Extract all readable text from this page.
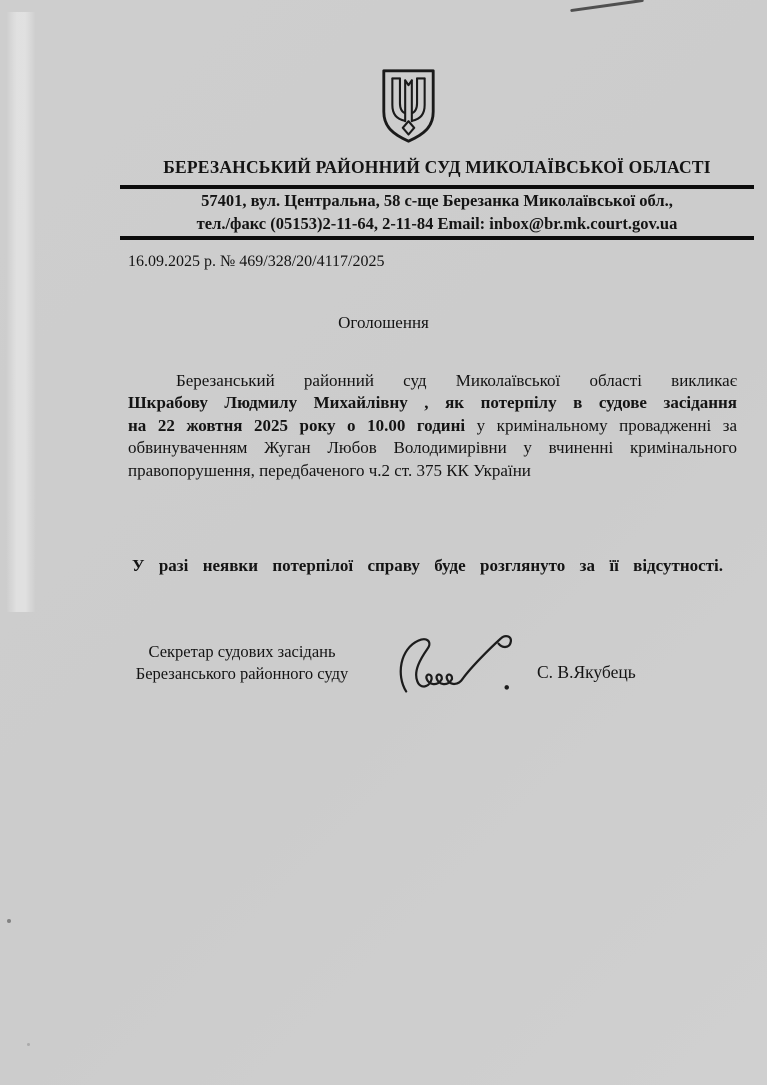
БЕРЕЗАНСЬКИЙ РАЙОННИЙ СУД МИКОЛАЇВСЬКОЇ ОБЛАСТІ
57401, вул. Центральна, 58 с-ще Березанка Миколаївської обл.,
тел./факс (05153)2-11-64, 2-11-84 Email: inbox@br.mk.court.gov.ua
16.09.2025 р. № 469/328/20/4117/2025
Оголошення
Березанський районний суд Миколаївської області викликає
Шкрабову Людмилу Михайлівну , як потерпілу в судове засідання
на 22 жовтня 2025 року о 10.00 годині у кримінальному провадженні за
обвинуваченням Жуган Любов Володимирівни у вчиненні кримінального
правопорушення, передбаченого ч.2 ст. 375 КК України
У разі неявки потерпілої справу буде розглянуто за її відсутності.
Секретар судових засідань
Березанського районного суду	С. В.Якубець
